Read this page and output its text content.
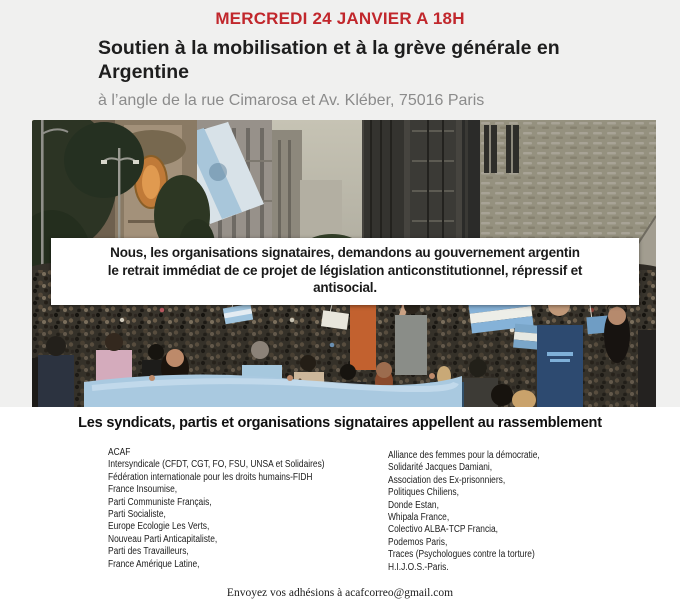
MERCREDI 24 JANVIER A 18H
Soutien à la mobilisation et à la grève générale en Argentine
à l’angle de la rue Cimarosa et Av. Kléber, 75016 Paris
Nous, les organisations signataires, demandons au gouvernement argentin
le retrait immédiat de ce projet de législation anticonstitutionnel, répressif et
antisocial.
Les syndicats, partis et organisations signataires appellent au rassemblement
ACAF
Intersyndicale (CFDT, CGT, FO, FSU, UNSA et Solidaires)
Fédération internationale pour les droits humains-FIDH
France Insoumise,
Parti Communiste Français,
Parti Socialiste,
Europe Ecologie Les Verts,
Nouveau Parti Anticapitaliste,
Parti des Travailleurs,
France Amérique Latine,
Alliance des femmes pour la démocratie,
Solidarité Jacques Damiani,
Association des Ex-prisonniers,
Politiques Chiliens,
Donde Estan,
Whipala France,
Colectivo ALBA-TCP Francia,
Podemos Paris,
Traces (Psychologues contre la torture)
H.I.J.O.S.-Paris.
Envoyez vos adhésions à acafcorreo@gmail.com
